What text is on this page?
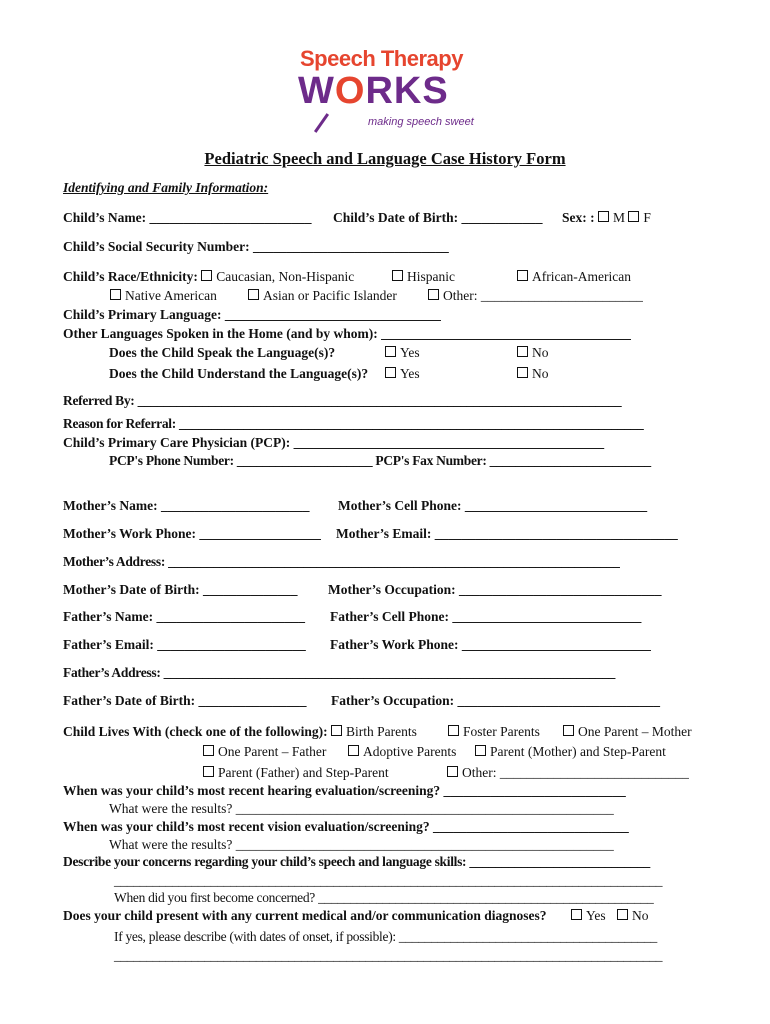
Speech Therapy
WORKS
making speech sweet
Pediatric Speech and Language Case History Form
Identifying and Family Information:
Child’s Name: ________________________ Child’s Date of Birth: ____________ Sex: : M F
Child’s Social Security Number: _____________________________
Child’s Race/Ethnicity: Caucasian, Non-Hispanic	Hispanic	African-American
Native American	Asian or Pacific Islander	Other: ________________________
Child’s Primary Language: ________________________________
Other Languages Spoken in the Home (and by whom): _____________________________________
Does the Child Speak the Language(s)?	Yes	No
Does the Child Understand the Language(s)?	Yes	No
Referred By: ___________________________________________________________________________
Reason for Referral: ________________________________________________________________________
Child’s Primary Care Physician (PCP): ______________________________________________
PCP's Phone Number: _____________________ PCP's Fax Number: _________________________
Mother’s Name: ______________________ Mother’s Cell Phone: ___________________________
Mother’s Work Phone: __________________ Mother’s Email: ____________________________________
Mother’s Address: ______________________________________________________________________
Mother’s Date of Birth: ______________ Mother’s Occupation: ______________________________
Father’s Name: ______________________ Father’s Cell Phone: ____________________________
Father’s Email: ______________________ Father’s Work Phone: ____________________________
Father’s Address: ______________________________________________________________________
Father’s Date of Birth: ________________ Father’s Occupation: ______________________________
Child Lives With (check one of the following): Birth Parents	Foster Parents	One Parent – Mother
One Parent – Father	Adoptive Parents	Parent (Mother) and Step-Parent
Parent (Father) and Step-Parent	Other: ____________________________
When was your child’s most recent hearing evaluation/screening? ___________________________
What were the results? ________________________________________________________
When was your child’s most recent vision evaluation/screening? _____________________________
What were the results? ________________________________________________________
Describe your concerns regarding your child’s speech and language skills: ____________________________
_____________________________________________________________________________________
When did you first become concerned? ____________________________________________________
Does your child present with any current medical and/or communication diagnoses?	Yes	No
If yes, please describe (with dates of onset, if possible): ________________________________________
_____________________________________________________________________________________
